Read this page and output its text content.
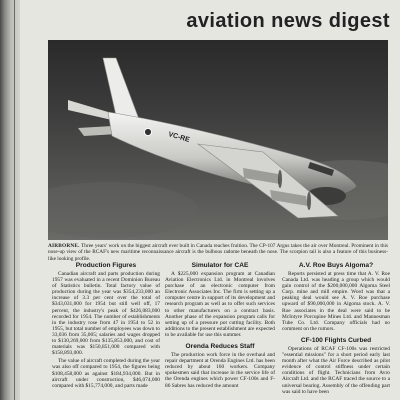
aviation news digest
VC-RE
AIRBORNE. Three years' work on the biggest aircraft ever built in Canada reaches fruition. The CP-107 Argus takes the air over Montreal. Prominent in this nose-up view of the RCAF's new maritime reconnaissance aircraft is the bulbous radome beneath the nose. The scorpion tail is also a feature of this business-like looking profile.
Production Figures

Canadian aircraft and parts production during 1957 was evaluated in a recent Dominion Bureau of Statistics bulletin. Total factory value of production during the year was $354,233,000 an increase of 3.3 per cent over the total of $343,031,000 for 1954 but still well off, 17 percent, the industry's peak of $426,083,000 recorded for 1954. The number of establishments in the industry rose from 47 in 1954 to 52 in 1955, but total number of employees was down to 33,036 from 35,005; salaries and wages dropped to $130,269,000 from $135,853,000, and cost of materials was $150,851,000 compared with $158,893,000.

The value of aircraft completed during the year was also off compared to 1954, the figures being $108,458,000 as against $184,934,000. But in aircraft under construction, $46,074,000 compared with $15,774,000, and parts made

Simulator for CAE

A $225,000 expansion program at Canadian Aviation Electronics Ltd. in Montreal involves purchase of an electronic computer from Electronic Associates Inc. The firm is setting up a computer centre in support of its development and research program as well as to offer such services to other manufacturers on a contract basis. Another phase of the expansion program calls for setting up of a pressure pot cutting facility. Both additions to the present establishment are expected to be available for use this summer.

Orenda Reduces Staff

The production work force in the overhaul and repair department at Orenda Engines Ltd. has been reduced by about 160 workers. Company spokesmen said that increase in the service life of the Orenda engines which power CF-100s and F-86 Sabres has reduced the amount

A.V. Roe Buys Algoma?

Reports persisted at press time that A. V. Roe Canada Ltd. was heading a group which would gain control of the $200,000,000 Algoma Steel Corp. mine and mill empire. Word was that a peaking deal would see A. V. Roe purchase upward of $90,000,000 in Algoma stock. A. V. Roe associates in the deal were said to be McIntyre Porcupine Mines Ltd. and Mannesman Tube Co. Ltd. Company officials had no comment on the rumors.

CF-100 Flights Curbed

Operations of RCAF CF-100s was restricted "essential missions" for a short period early last month after what the Air Force described as pilot evidence of control stiffness under certain conditions of flight. Technicians from Avro Aircraft Ltd. and the RCAF traced the source to a universal bearing. Assembly of the offending part was said to have been
